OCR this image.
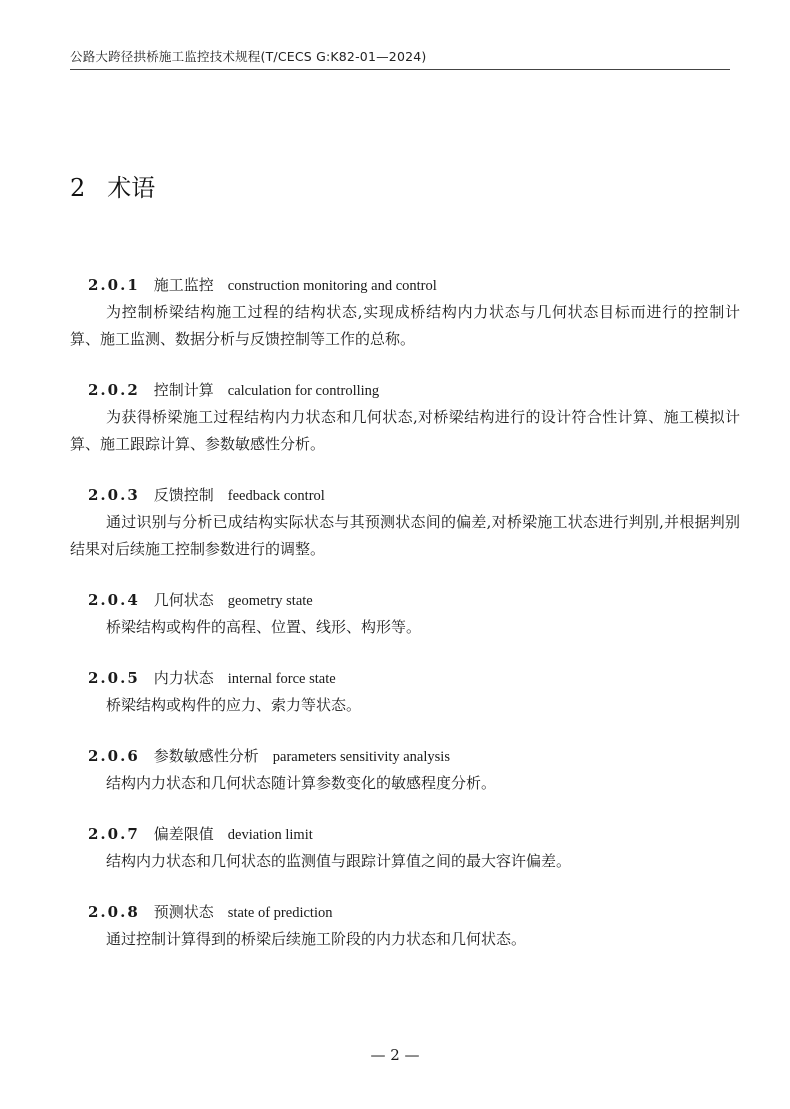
公路大跨径拱桥施工监控技术规程(T/CECS G:K82-01—2024)
2 术语
2.0.1 施工监控 construction monitoring and control

为控制桥梁结构施工过程的结构状态,实现成桥结构内力状态与几何状态目标而进行的控制计算、施工监测、数据分析与反馈控制等工作的总称。

2.0.2 控制计算 calculation for controlling

为获得桥梁施工过程结构内力状态和几何状态,对桥梁结构进行的设计符合性计算、施工模拟计算、施工跟踪计算、参数敏感性分析。

2.0.3 反馈控制 feedback control

通过识别与分析已成结构实际状态与其预测状态间的偏差,对桥梁施工状态进行判别,并根据判别结果对后续施工控制参数进行的调整。

2.0.4 几何状态 geometry state

桥梁结构或构件的高程、位置、线形、构形等。

2.0.5 内力状态 internal force state

桥梁结构或构件的应力、索力等状态。

2.0.6 参数敏感性分析 parameters sensitivity analysis

结构内力状态和几何状态随计算参数变化的敏感程度分析。

2.0.7 偏差限值 deviation limit

结构内力状态和几何状态的监测值与跟踪计算值之间的最大容许偏差。

2.0.8 预测状态 state of prediction

通过控制计算得到的桥梁后续施工阶段的内力状态和几何状态。

— 2 —
